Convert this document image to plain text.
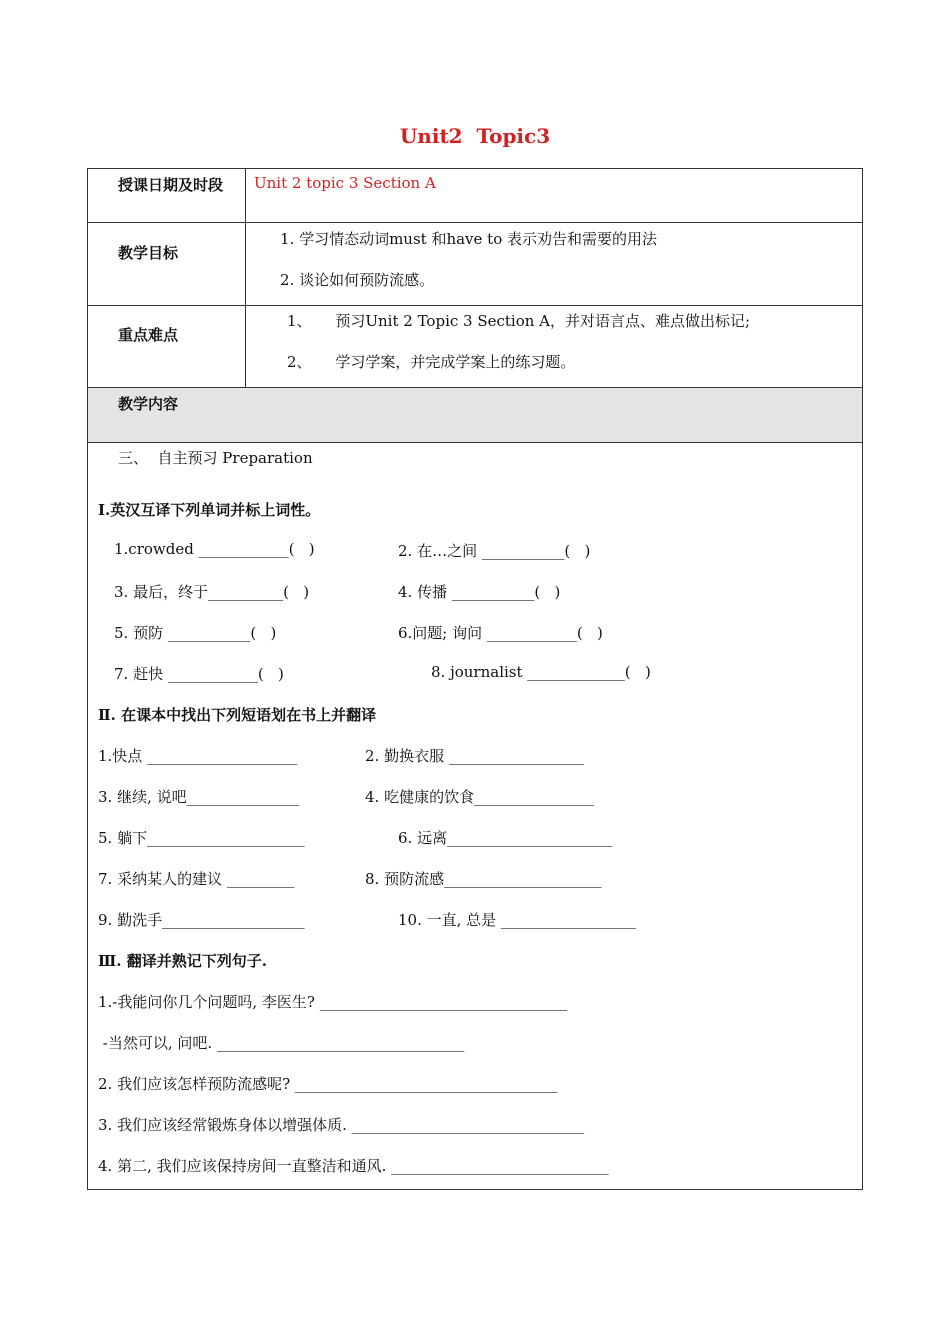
Unit2  Topic3
授课日期及时段 Unit 2 topic 3 Section A
教学目标
1. 学习情态动词must 和have to 表示劝告和需要的用法
2. 谈论如何预防流感。
重点难点
1、     预习Unit 2 Topic 3 Section A，并对语言点、难点做出标记;
2、     学习学案，并完成学案上的练习题。
教学内容
三、  自主预习 Preparation
Ⅰ.英汉互译下列单词并标上词性。
1.crowded ____________(   )	2. 在…之间 ___________(   )
3. 最后，终于__________(   )	4. 传播 ___________(   )
5. 预防 ___________(   )	6.问题; 询问 ____________(   )
7. 赶快 ____________(   )	8. journalist _____________(   )
Ⅱ. 在课本中找出下列短语划在书上并翻译
1.快点 ____________________	2. 勤换衣服 __________________
3. 继续, 说吧_______________	4. 吃健康的饮食________________
5. 躺下_____________________	6. 远离______________________
7. 采纳某人的建议 _________	8. 预防流感_____________________
9. 勤洗手___________________	10. 一直, 总是 __________________
Ⅲ. 翻译并熟记下列句子.
1.-我能问你几个问题吗, 李医生? _________________________________
-当然可以, 问吧. _________________________________
2. 我们应该怎样预防流感呢? ___________________________________
3. 我们应该经常锻炼身体以增强体质. _______________________________
4. 第二, 我们应该保持房间一直整洁和通风. _____________________________
